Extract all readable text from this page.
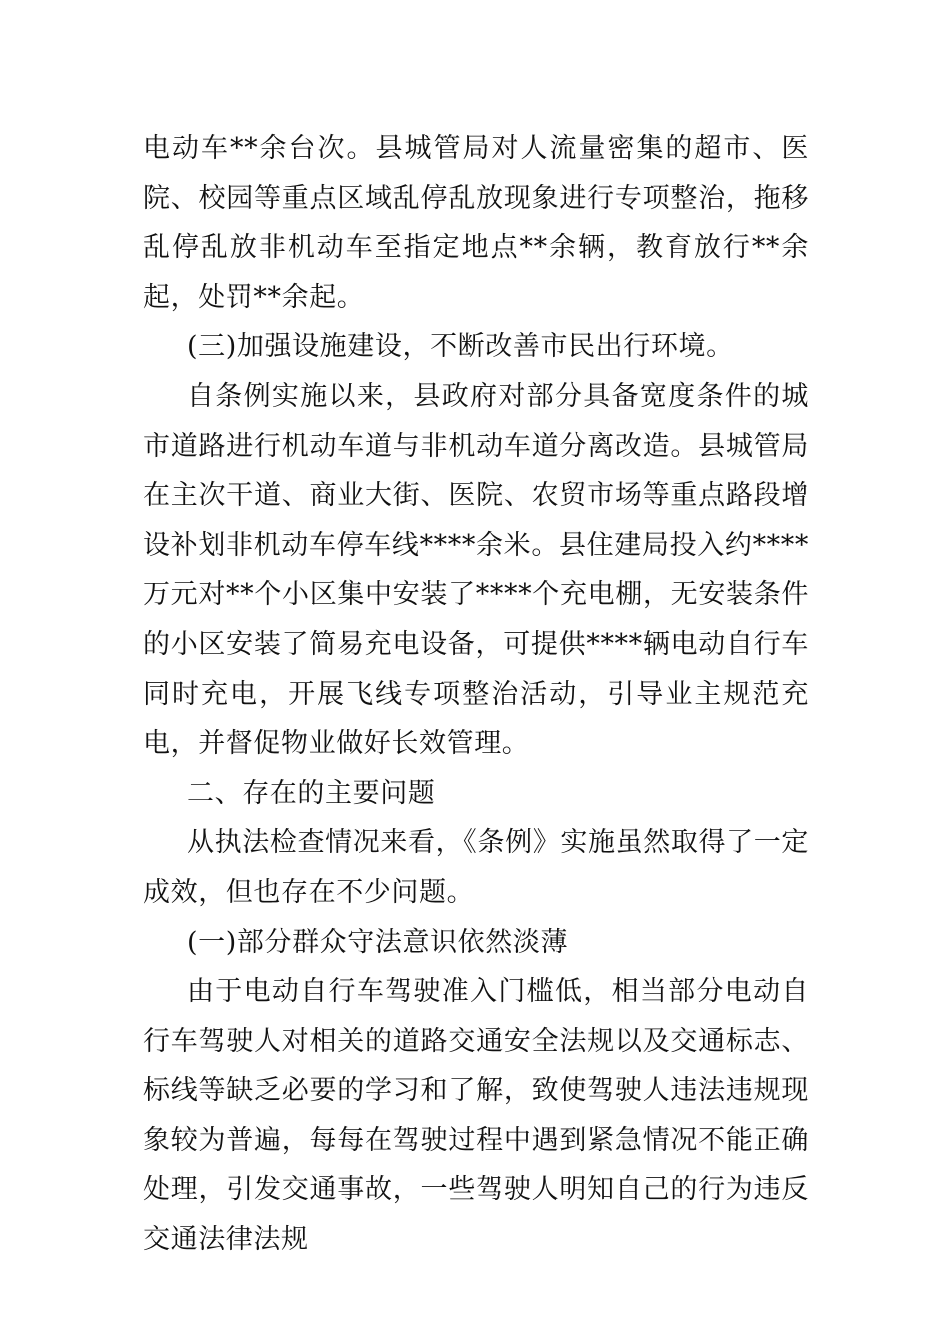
电动车**余台次。县城管局对人流量密集的超市、医院、校园等重点区域乱停乱放现象进行专项整治，拖移乱停乱放非机动车至指定地点**余辆，教育放行**余起，处罚**余起。

(三)加强设施建设，不断改善市民出行环境。

自条例实施以来，县政府对部分具备宽度条件的城市道路进行机动车道与非机动车道分离改造。县城管局在主次干道、商业大街、医院、农贸市场等重点路段增设补划非机动车停车线****余米。县住建局投入约****万元对**个小区集中安装了****个充电棚，无安装条件的小区安装了简易充电设备，可提供****辆电动自行车同时充电，开展飞线专项整治活动，引导业主规范充电，并督促物业做好长效管理。

二、存在的主要问题

从执法检查情况来看，《条例》实施虽然取得了一定成效，但也存在不少问题。

(一)部分群众守法意识依然淡薄

由于电动自行车驾驶准入门槛低，相当部分电动自行车驾驶人对相关的道路交通安全法规以及交通标志、标线等缺乏必要的学习和了解，致使驾驶人违法违规现象较为普遍，每每在驾驶过程中遇到紧急情况不能正确处理，引发交通事故，一些驾驶人明知自己的行为违反交通法律法规
